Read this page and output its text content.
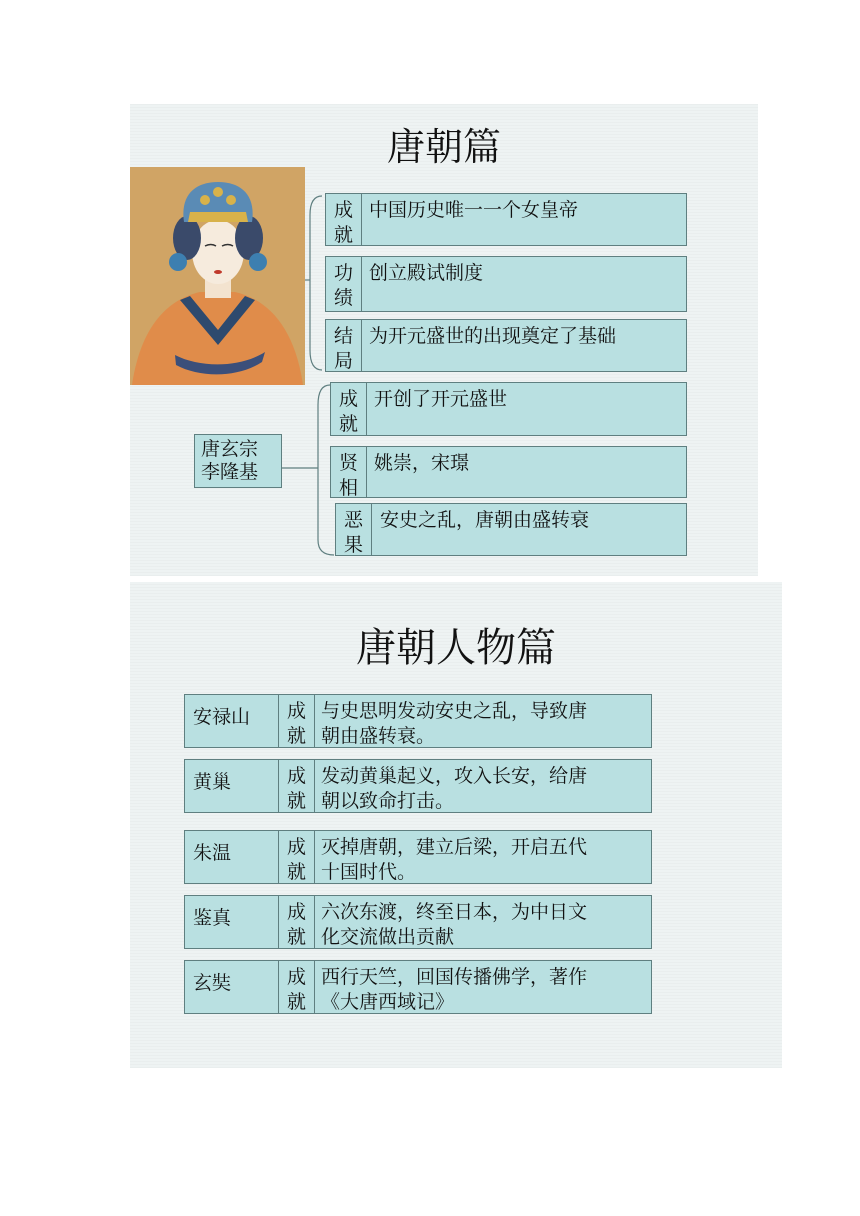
唐朝篇
成
就
中国历史唯一一个女皇帝
功
绩
创立殿试制度
结
局
为开元盛世的出现奠定了基础
唐玄宗
李隆基
成
就
开创了开元盛世
贤
相
姚崇，宋璟
恶
果
安史之乱，唐朝由盛转衰
唐朝人物篇
安禄山	成
就
与史思明发动安史之乱，导致唐
朝由盛转衰。
黄巢	成
就
发动黄巢起义，攻入长安，给唐
朝以致命打击。
朱温	成
就
灭掉唐朝，建立后梁，开启五代
十国时代。
鉴真	成
就
六次东渡，终至日本，为中日文
化交流做出贡献
玄奘	成
就
西行天竺，回国传播佛学，著作
《大唐西域记》
